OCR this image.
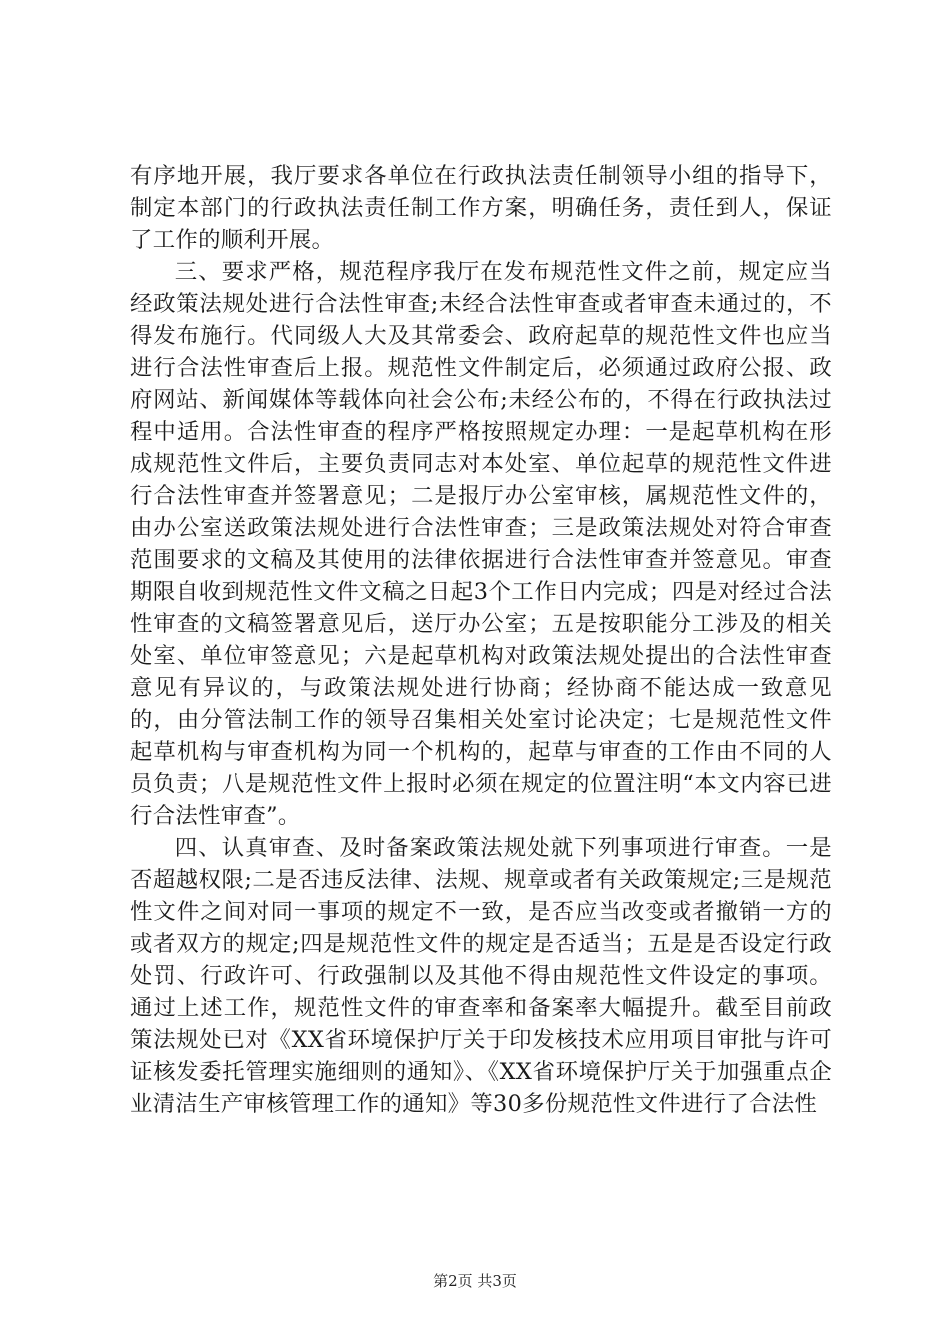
有序地开展，我厅要求各单位在行政执法责任制领导小组的指导下，制定本部门的行政执法责任制工作方案，明确任务，责任到人，保证了工作的顺利开展。

三、要求严格，规范程序我厅在发布规范性文件之前，规定应当经政策法规处进行合法性审查;未经合法性审查或者审查未通过的，不得发布施行。代同级人大及其常委会、政府起草的规范性文件也应当进行合法性审查后上报。规范性文件制定后，必须通过政府公报、政府网站、新闻媒体等载体向社会公布;未经公布的，不得在行政执法过程中适用。合法性审查的程序严格按照规定办理：一是起草机构在形成规范性文件后，主要负责同志对本处室、单位起草的规范性文件进行合法性审查并签署意见；二是报厅办公室审核，属规范性文件的，由办公室送政策法规处进行合法性审查；三是政策法规处对符合审查范围要求的文稿及其使用的法律依据进行合法性审查并签意见。审查期限自收到规范性文件文稿之日起3个工作日内完成；四是对经过合法性审查的文稿签署意见后，送厅办公室；五是按职能分工涉及的相关处室、单位审签意见；六是起草机构对政策法规处提出的合法性审查意见有异议的，与政策法规处进行协商；经协商不能达成一致意见的，由分管法制工作的领导召集相关处室讨论决定；七是规范性文件起草机构与审查机构为同一个机构的，起草与审查的工作由不同的人员负责；八是规范性文件上报时必须在规定的位置注明“本文内容已进行合法性审查”。

四、认真审查、及时备案政策法规处就下列事项进行审查。一是否超越权限;二是否违反法律、法规、规章或者有关政策规定;三是规范性文件之间对同一事项的规定不一致，是否应当改变或者撤销一方的或者双方的规定;四是规范性文件的规定是否适当；五是是否设定行政处罚、行政许可、行政强制以及其他不得由规范性文件设定的事项。通过上述工作，规范性文件的审查率和备案率大幅提升。截至目前政策法规处已对《XX省环境保护厅关于印发核技术应用项目审批与许可证核发委托管理实施细则的通知》、《XX省环境保护厅关于加强重点企业清洁生产审核管理工作的通知》等30多份规范性文件进行了合法性

第2页 共3页
